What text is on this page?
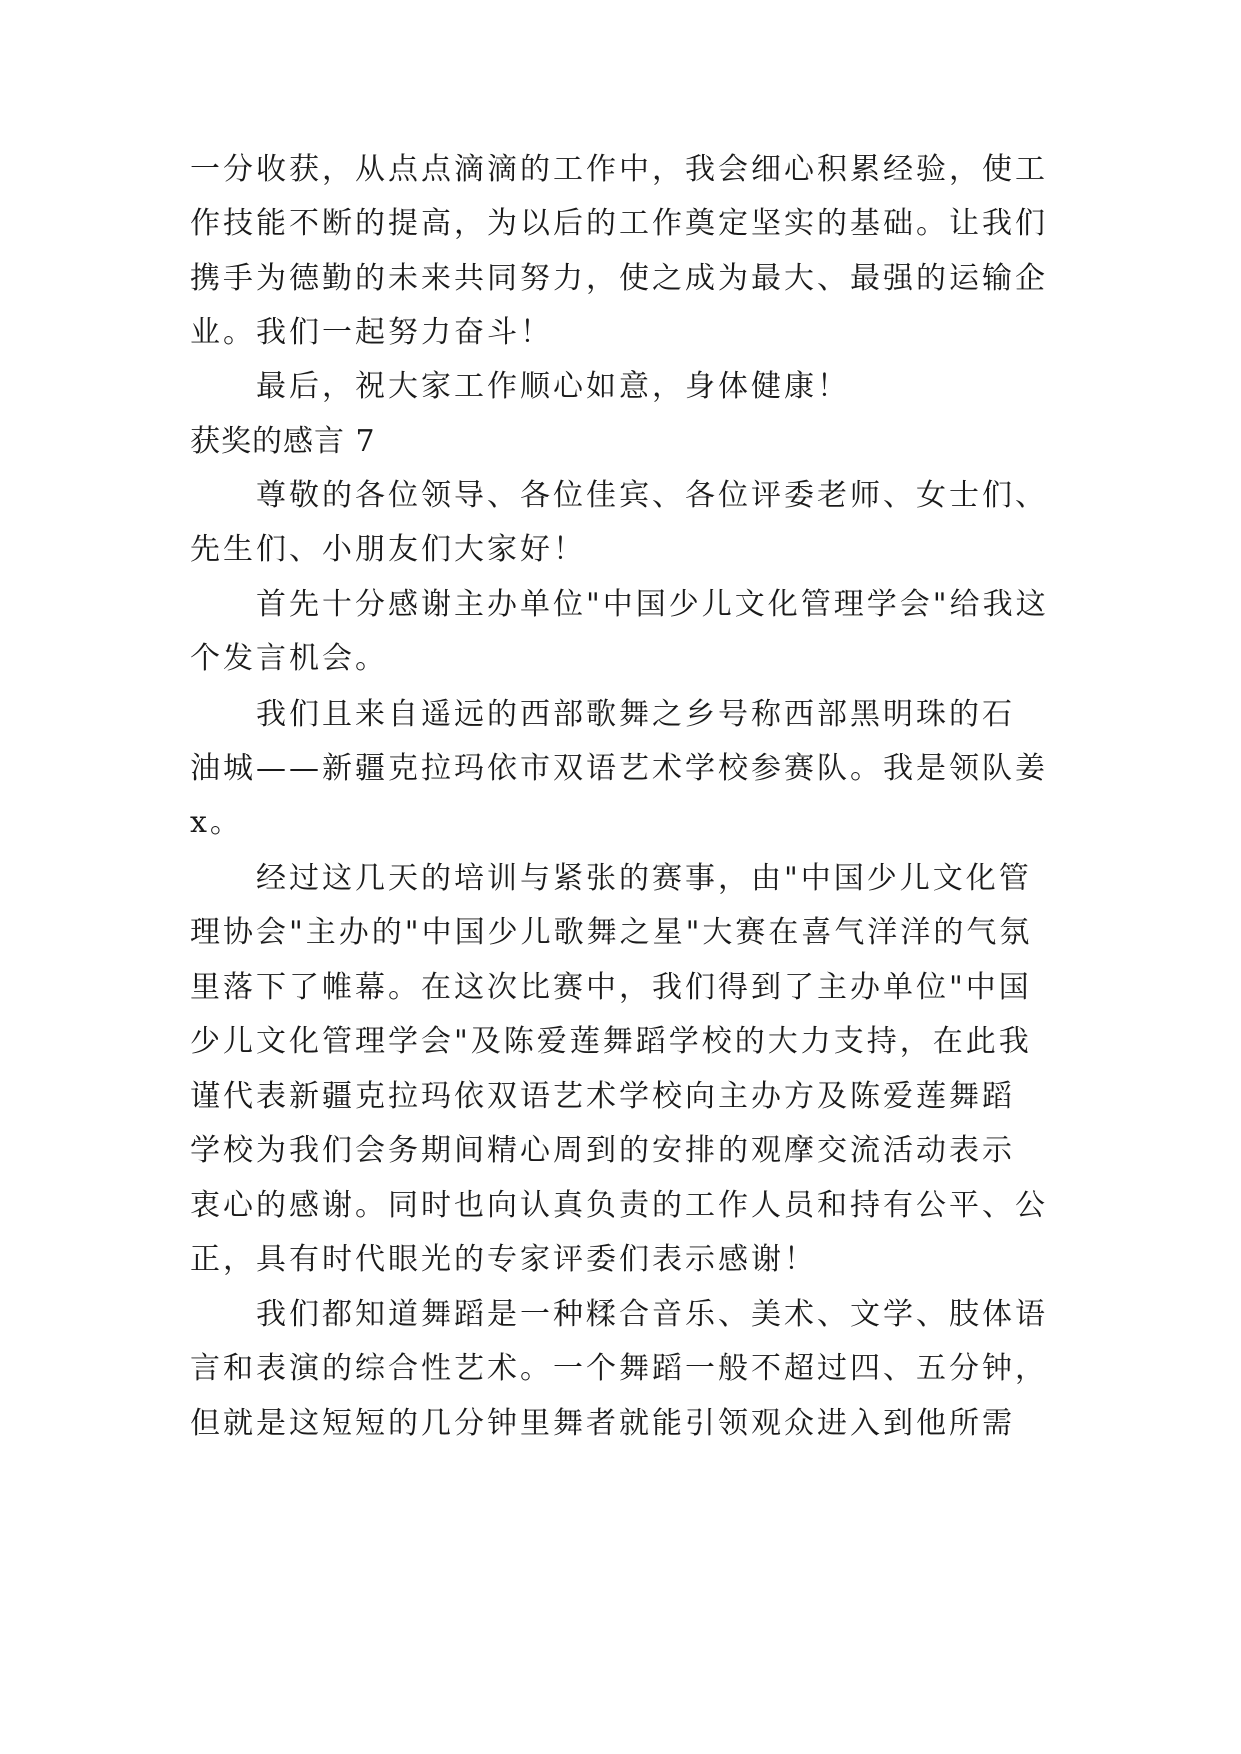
一分收获，从点点滴滴的工作中，我会细心积累经验，使工
作技能不断的提高，为以后的工作奠定坚实的基础。让我们
携手为德勤的未来共同努力，使之成为最大、最强的运输企
业。我们一起努力奋斗！
最后，祝大家工作顺心如意，身体健康！
获奖的感言 7
尊敬的各位领导、各位佳宾、各位评委老师、女士们、
先生们、小朋友们大家好！
首先十分感谢主办单位"中国少儿文化管理学会"给我这
个发言机会。
我们且来自遥远的西部歌舞之乡号称西部黑明珠的石
油城——新疆克拉玛依市双语艺术学校参赛队。我是领队姜
x。
经过这几天的培训与紧张的赛事，由"中国少儿文化管
理协会"主办的"中国少儿歌舞之星"大赛在喜气洋洋的气氛
里落下了帷幕。在这次比赛中，我们得到了主办单位"中国
少儿文化管理学会"及陈爱莲舞蹈学校的大力支持，在此我
谨代表新疆克拉玛依双语艺术学校向主办方及陈爱莲舞蹈
学校为我们会务期间精心周到的安排的观摩交流活动表示
衷心的感谢。同时也向认真负责的工作人员和持有公平、公
正，具有时代眼光的专家评委们表示感谢！
我们都知道舞蹈是一种糅合音乐、美术、文学、肢体语
言和表演的综合性艺术。一个舞蹈一般不超过四、五分钟，
但就是这短短的几分钟里舞者就能引领观众进入到他所需
